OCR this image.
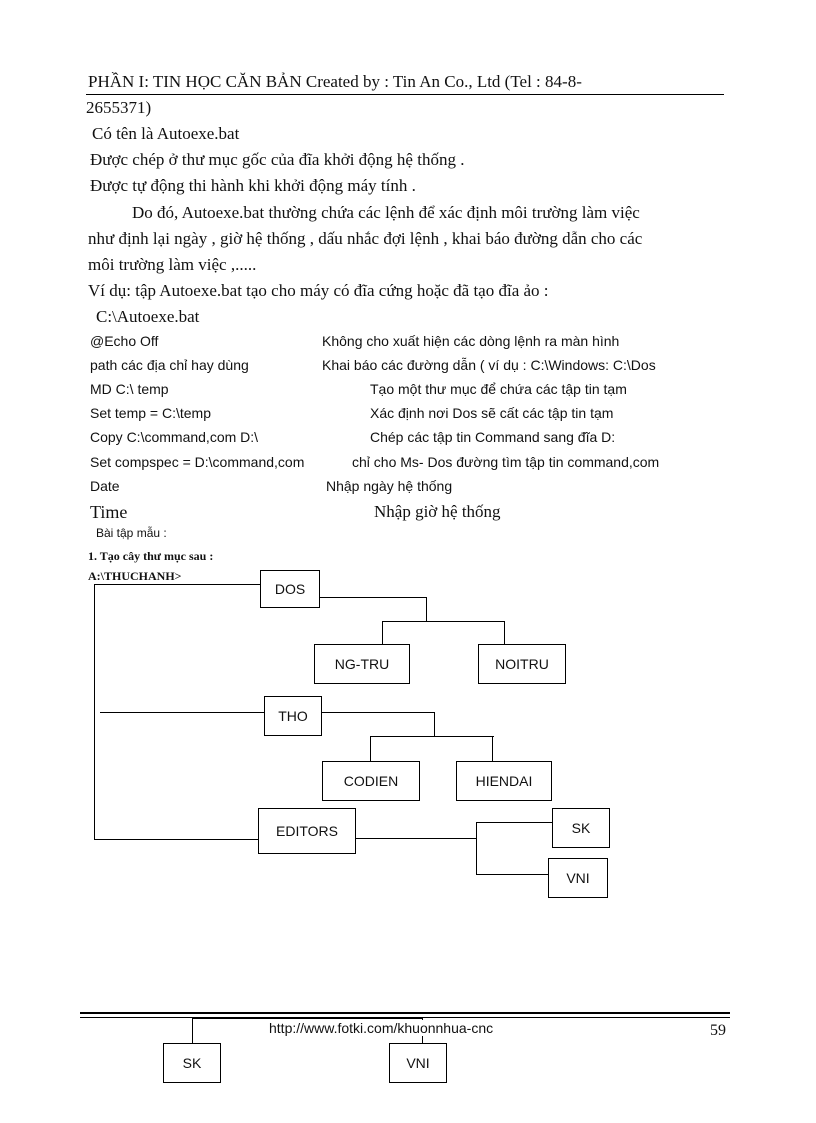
PHẦN I: TIN HỌC CĂN BẢN Created by : Tin An Co., Ltd (Tel : 84-8-
2655371)
Có tên là Autoexe.bat
Được chép ở thư mục gốc của đĩa khởi động hệ thống .
Được tự động thi hành khi khởi động máy tính .
Do đó, Autoexe.bat thường chứa các lệnh để xác định môi trường làm việc
như định lại ngày , giờ hệ thống , dấu nhắc đợi lệnh , khai báo đường dẫn cho các
môi trường làm việc ,.....
Ví dụ: tập Autoexe.bat tạo cho máy có đĩa cứng hoặc đã tạo đĩa ảo :
C:\Autoexe.bat
@Echo Off	Không cho xuất hiện các dòng lệnh ra màn hình
path các địa chỉ hay dùng	Khai báo các đường dẫn ( ví dụ : C:\Windows: C:\Dos
MD C:\ temp	Tạo một thư mục để chứa các tập tin tạm
Set temp = C:\temp	Xác định nơi Dos sẽ cất các tập tin tạm
Copy C:\command,com D:\	Chép các tập tin Command sang đĩa D:
Set compspec = D:\command,com	chỉ cho Ms- Dos đường tìm tập tin command,com
Date	Nhập ngày hệ thống
Time	Nhập giờ hệ thống
Bài tập mẫu :
1. Tạo cây thư mục sau :
A:\THUCHANH>
DOS
NG-TRU	NOITRU
THO
CODIEN	HIENDAI
EDITORS	SK
VNI
http://www.fotki.com/khuonnhua-cnc	59
SK	VNI
